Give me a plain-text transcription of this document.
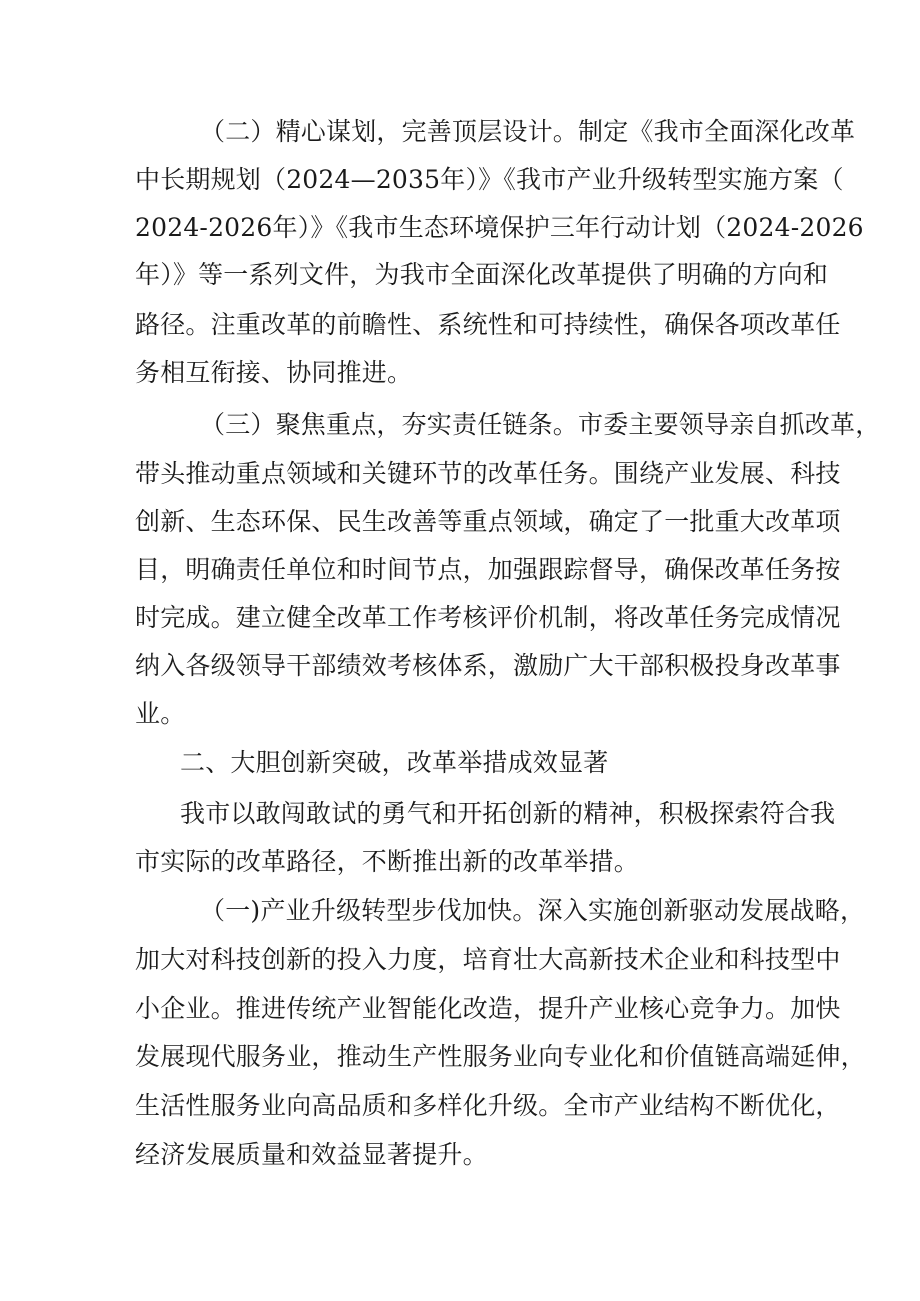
（二）精心谋划，完善顶层设计。制定《我市全面深化改革
中长期规划（2024—2035年）》《我市产业升级转型实施方案（
2024-2026年）》《我市生态环境保护三年行动计划（2024-2026
年）》等一系列文件，为我市全面深化改革提供了明确的方向和
路径。注重改革的前瞻性、系统性和可持续性，确保各项改革任
务相互衔接、协同推进。
（三）聚焦重点，夯实责任链条。市委主要领导亲自抓改革，
带头推动重点领域和关键环节的改革任务。围绕产业发展、科技
创新、生态环保、民生改善等重点领域，确定了一批重大改革项
目，明确责任单位和时间节点，加强跟踪督导，确保改革任务按
时完成。建立健全改革工作考核评价机制，将改革任务完成情况
纳入各级领导干部绩效考核体系，激励广大干部积极投身改革事
业。
二、大胆创新突破，改革举措成效显著
我市以敢闯敢试的勇气和开拓创新的精神，积极探索符合我
市实际的改革路径，不断推出新的改革举措。
（一)产业升级转型步伐加快。深入实施创新驱动发展战略，
加大对科技创新的投入力度，培育壮大高新技术企业和科技型中
小企业。推进传统产业智能化改造，提升产业核心竞争力。加快
发展现代服务业，推动生产性服务业向专业化和价值链高端延伸，
生活性服务业向高品质和多样化升级。全市产业结构不断优化，
经济发展质量和效益显著提升。
